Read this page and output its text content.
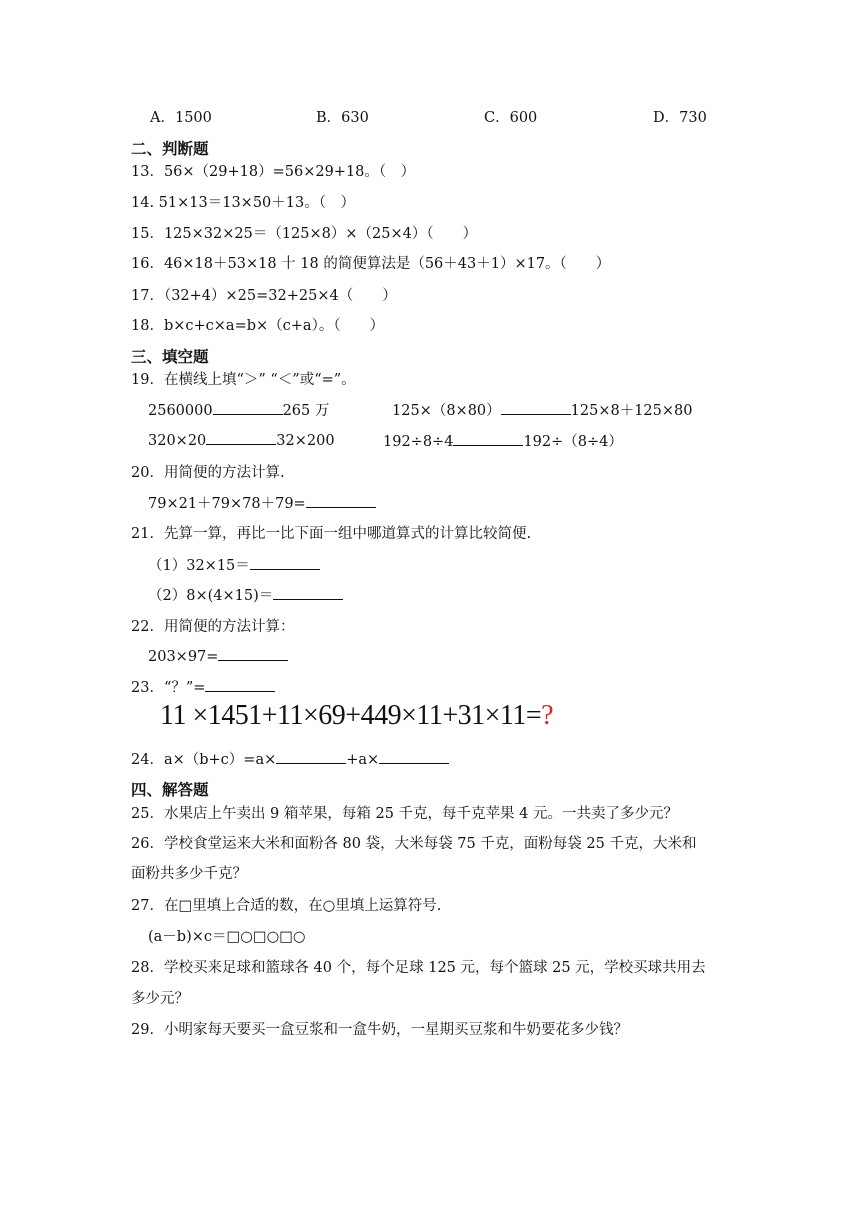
A．1500	B．630	C．600	D．730
二、判断题
13．56×（29+18）=56×29+18。（　）
14. 51×13＝13×50＋13。（　）
15．125×32×25＝（125×8）×（25×4）（　　）
16．46×18＋53×18 十 18 的简便算法是（56＋43＋1）×17。（　　）
17．（32+4）×25=32+25×4（　　）
18．b×c+c×a=b×（c+a）。（　　）
三、填空题
19．在横线上填“＞” “＜”或“=”。
2560000	265 万	125×（8×80）	125×8＋125×80
320×20	32×200	192÷8÷4	192÷（8÷4）
20．用简便的方法计算.
79×21＋79×78＋79=
21．先算一算，再比一比下面一组中哪道算式的计算比较简便.
（1）32×15＝
（2）8×(4×15)＝
22．用简便的方法计算：
203×97=
23．“？”=
11 ×1451+11×69+449×11+31×11=?
24．a×（b+c）=a×	+a×
四、解答题
25．水果店上午卖出 9 箱苹果，每箱 25 千克，每千克苹果 4 元。一共卖了多少元？
26．学校食堂运来大米和面粉各 80 袋，大米每袋 75 千克，面粉每袋 25 千克，大米和
面粉共多少千克？
27．在□里填上合适的数，在○里填上运算符号.
(a－b)×c＝□○□○□○
28．学校买来足球和篮球各 40 个，每个足球 125 元，每个篮球 25 元，学校买球共用去
多少元？
29．小明家每天要买一盒豆浆和一盒牛奶，一星期买豆浆和牛奶要花多少钱？
